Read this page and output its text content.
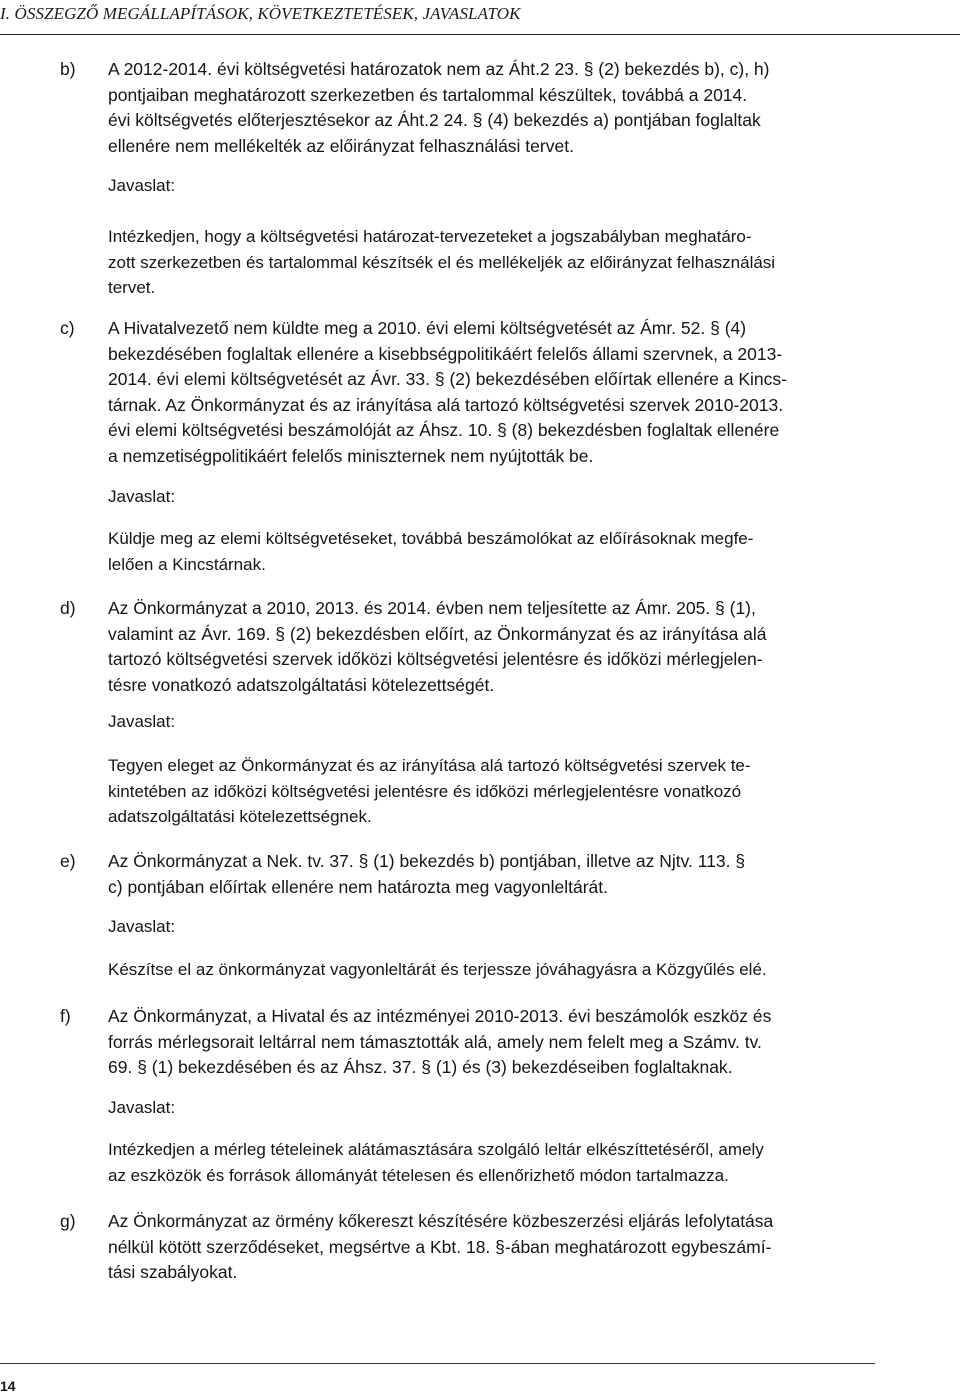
I. ÖSSZEGZŐ MEGÁLLAPÍTÁSOK, KÖVETKEZTETÉSEK, JAVASLATOK
b) A 2012-2014. évi költségvetési határozatok nem az Áht.2 23. § (2) bekezdés b), c), h)
pontjaiban meghatározott szerkezetben és tartalommal készültek, továbbá a 2014.
évi költségvetés előterjesztésekor az Áht.2 24. § (4) bekezdés a) pontjában foglaltak
ellenére nem mellékelték az előirányzat felhasználási tervet.
Javaslat:
Intézkedjen, hogy a költségvetési határozat-tervezeteket a jogszabályban meghatáro-
zott szerkezetben és tartalommal készítsék el és mellékeljék az előirányzat felhasználási
tervet.
c) A Hivatalvezető nem küldte meg a 2010. évi elemi költségvetését az Ámr. 52. § (4)
bekezdésében foglaltak ellenére a kisebbségpolitikáért felelős állami szervnek, a 2013-
2014. évi elemi költségvetését az Ávr. 33. § (2) bekezdésében előírtak ellenére a Kincs-
tárnak. Az Önkormányzat és az irányítása alá tartozó költségvetési szervek 2010-2013.
évi elemi költségvetési beszámolóját az Áhsz. 10. § (8) bekezdésben foglaltak ellenére
a nemzetiségpolitikáért felelős miniszternek nem nyújtották be.
Javaslat:
Küldje meg az elemi költségvetéseket, továbbá beszámolókat az előírásoknak megfe-
lelően a Kincstárnak.
d) Az Önkormányzat a 2010, 2013. és 2014. évben nem teljesítette az Ámr. 205. § (1),
valamint az Ávr. 169. § (2) bekezdésben előírt, az Önkormányzat és az irányítása alá
tartozó költségvetési szervek időközi költségvetési jelentésre és időközi mérlegjelen-
tésre vonatkozó adatszolgáltatási kötelezettségét.
Javaslat:
Tegyen eleget az Önkormányzat és az irányítása alá tartozó költségvetési szervek te-
kintetében az időközi költségvetési jelentésre és időközi mérlegjelentésre vonatkozó
adatszolgáltatási kötelezettségnek.
e) Az Önkormányzat a Nek. tv. 37. § (1) bekezdés b) pontjában, illetve az Njtv. 113. §
c) pontjában előírtak ellenére nem határozta meg vagyonleltárát.
Javaslat:
Készítse el az önkormányzat vagyonleltárát és terjessze jóváhagyásra a Közgyűlés elé.
f) Az Önkormányzat, a Hivatal és az intézményei 2010-2013. évi beszámolók eszköz és
forrás mérlegsorait leltárral nem támasztották alá, amely nem felelt meg a Számv. tv.
69. § (1) bekezdésében és az Áhsz. 37. § (1) és (3) bekezdéseiben foglaltaknak.
Javaslat:
Intézkedjen a mérleg tételeinek alátámasztására szolgáló leltár elkészíttetéséről, amely
az eszközök és források állományát tételesen és ellenőrizhető módon tartalmazza.
g) Az Önkormányzat az örmény kőkereszt készítésére közbeszerzési eljárás lefolytatása
nélkül kötött szerződéseket, megsértve a Kbt. 18. §-ában meghatározott egybeszámí-
tási szabályokat.
14
